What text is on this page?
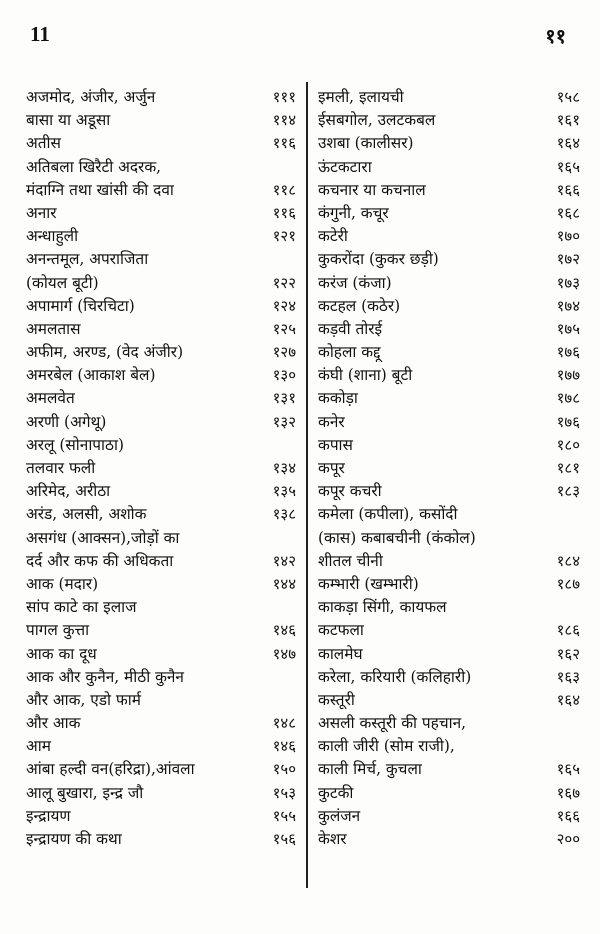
11	११
अजमोद, अंजीर, अर्जुन	१११
बासा या अडूसा	११४
अतीस	११६
अतिबला खिरैटी अदरक,
मंदाग्नि तथा खांसी की दवा	११८
अनार	११६
अन्धाहुली	१२१
अनन्तमूल, अपराजिता
(कोयल बूटी)	१२२
अपामार्ग (चिरचिटा)	१२४
अमलतास	१२५
अफीम, अरण्ड, (वेद अंजीर)	१२७
अमरबेल (आकाश बेल)	१३०
अमलवेत	१३१
अरणी (अगेथू)	१३२
अरलू (सोनापाठा)
तलवार फली	१३४
अरिमेद, अरीठा	१३५
अरंड, अलसी, अशोक	१३८
असगंध (आक्सन),जोड़ों का
दर्द और कफ की अधिकता	१४२
आक (मदार)	१४४
सांप काटे का इलाज
पागल कुत्ता	१४६
आक का दूध	१४७
आक और कुनैन, मीठी कुनैन
और आक, एडो फार्म
और आक	१४८
आम	१४६
आंबा हल्दी वन(हरिद्रा),आंवला	१५०
आलू बुखारा, इन्द्र जौ	१५३
इन्द्रायण	१५५
इन्द्रायण की कथा	१५६
इमली, इलायची	१५८
ईसबगोल, उलटकबल	१६१
उशबा (कालीसर)	१६४
ऊंटकटारा	१६५
कचनार या कचनाल	१६६
कंगुनी, कचूर	१६८
कटेरी	१७०
कुकरोंदा (कुकर छड़ी)	१७२
करंज (कंजा)	१७३
कटहल (कठेर)	१७४
कड़वी तोरई	१७५
कोहला कद्दू	१७६
कंघी (शाना) बूटी	१७७
ककोड़ा	१७८
कनेर	१७६
कपास	१८०
कपूर	१८१
कपूर कचरी	१८३
कमेला (कपीला), कसोंदी
(कास) कबाबचीनी (कंकोल)
शीतल चीनी	१८४
कम्भारी (खम्भारी)	१८७
काकड़ा सिंगी, कायफल
कटफला	१८६
कालमेघ	१६२
करेला, करियारी (कलिहारी)	१६३
कस्तूरी	१६४
असली कस्तूरी की पहचान,
काली जीरी (सोम राजी),
काली मिर्च, कुचला	१६५
कुटकी	१६७
कुलंजन	१६६
केशर	२००
